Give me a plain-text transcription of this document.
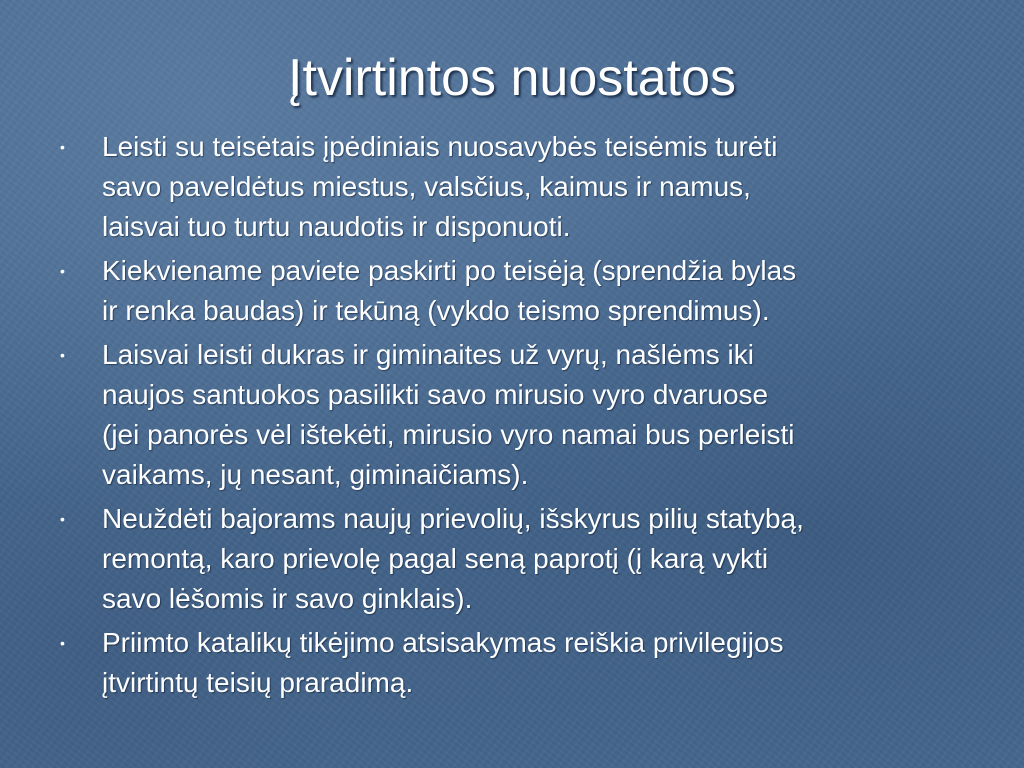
Įtvirtintos nuostatos
•	Leisti su teisėtais įpėdiniais nuosavybės teisėmis turėti
savo paveldėtus miestus, valsčius, kaimus ir namus,
laisvai tuo turtu naudotis ir disponuoti.
•	Kiekviename paviete paskirti po teisėją (sprendžia bylas
ir renka baudas) ir tekūną (vykdo teismo sprendimus).
•	Laisvai leisti dukras ir giminaites už vyrų, našlėms iki
naujos santuokos pasilikti savo mirusio vyro dvaruose
(jei panorės vėl ištekėti, mirusio vyro namai bus perleisti
vaikams, jų nesant, giminaičiams).
•	Neuždėti bajorams naujų prievolių, išskyrus pilių statybą,
remontą, karo prievolę pagal seną paprotį (į karą vykti
savo lėšomis ir savo ginklais).
•	Priimto katalikų tikėjimo atsisakymas reiškia privilegijos
įtvirtintų teisių praradimą.
